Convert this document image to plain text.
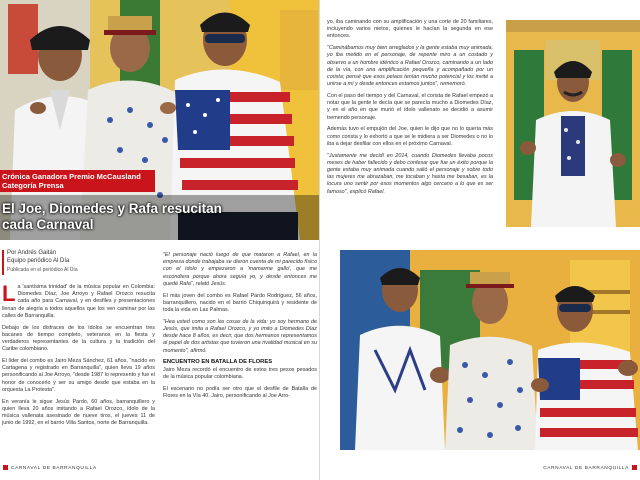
Crónica Ganadora Premio McCausland Categoría Prensa
El Joe, Diomedes y Rafa resucitan cada Carnaval
Por Andrés Gaitán
Equipo periódico Al Día
Publicada en el periódico Al Día

La 'santísima trinidad' de la música popular en Colombia: Diomedes Díaz, Joe Arroyo y Rafael Orozco resucita cada año para Carnaval, y en desfiles y presentaciones llenan de alegría a todos aquellos que los ven caminar por las calles de Barranquilla.

Debajo de los disfraces de los ídolos se encuentran tres bacanes de tiempo completo, veteranos en la fiesta y verdaderos representantes de la cultura y la tradición del Caribe colombiano.

El líder del combo es Jairo Meza Sánchez, 61 años, "nacido en Cartagena y registrado en Barranquilla", quien lleva 19 años personificando al Joe Arroyo, "desde 1987 lo represento y fue el honor de conocerlo y ser su amigo desde que estaba en la orquesta La Protesta".

En veranía le sigue Jesús Pardo, 60 años, barranquillero y quien lleva 20 años imitando a Rafael Orozco, ídolo de la música vallenata asesinado de nueve tiros, el jueves 11 de junio de 1992, en el barrio Villa Santos, norte de Barranquilla.

"El personaje nació luego de que mataron a Rafael, en la empresa donde trabajaba se dieron cuenta de mi parecido físico con el ídolo y empezaron a 'mamarme gallo', que me escondiera porque ahora seguía yo, y desde entonces me quedé Rafa", relató Jesús.

El más joven del combo es Rafael Pardo Rodríguez, 56 años, barranquillero, nacido en el barrio Chiquinquirá y residente de toda la vida en Las Palmas.

"Hea usted como son las cosas de la vida: yo soy hermano de Jesús, que imita a Rafael Orozco, y yo imito a Diomedes Díaz desde hace 8 años, es decir, que dos hermanos representamos al papel de dos artistas que tuvieron una rivalidad musical en su momento", afirmó.

ENCUENTRO EN BATALLA DE FLORES

Jairo Meza recordó el encuentro de estos tres pesos pesados de la música popular colombiana.

El escenario no podía ser otro que el desfile de Batalla de Flores en la Vía 40. Jairo, personificando al Joe Arro-

CARNAVAL DE BARRANQUILLA

yo, iba caminando con su amplificación y una corte de 20 familiares, incluyendo varios nietos, quienes le hacían la segunda en ese entonces.

"Caminábamos muy bien arreglados y la gente estaba muy animada, yo iba metido en el personaje, de repente miro a un costado y observo a un hombre idéntico a Rafael Orozco, caminando a un lado de la vía, con una amplificación pequeña y acompañado por un corista; pensé que esos pelaos tenían mucho potencial y los invité a unirse a mí y desde entonces estamos juntos", rememoró.

Con el paso del tiempo y del Carnaval, el corista de Rafael empezó a notar que la gente le decía que se parecía mucho a Diomedes Díaz, y en el año en que murió el ídolo vallenato se decidió a asumir tremendo personaje.

Además tuvo el empujón del Joe, quien le dijo que no lo quería más como corista y lo exhortó a que se le midiera a ser Diomedes o no lo iba a dejar desfilar con ellos en el próximo Carnaval.

"Justamente me decidí en 2014, cuando Diomedes llevaba pocos meses de haber fallecido y debo confesar que fue un éxito porque la gente estaba muy animada cuando salió el personaje y sobre todo las mujeres me abrazaban, me tocaban y hasta me besaban, es la locura uno sentir por esos momentos algo cercano a lo que es ser famoso", explicó Rafael.

CARNAVAL DE BARRANQUILLA
